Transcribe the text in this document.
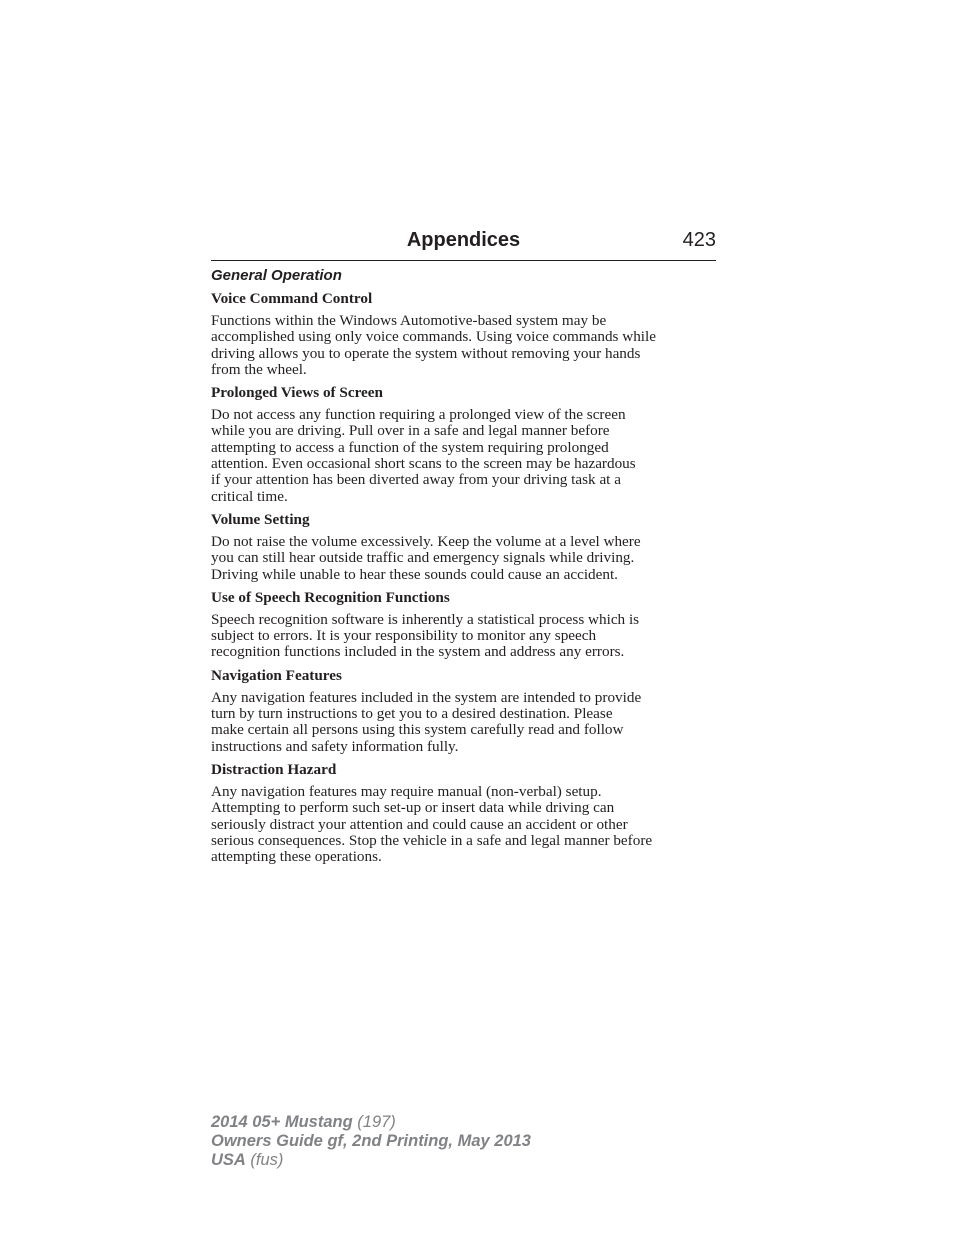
Appendices	423
General Operation
Voice Command Control
Functions within the Windows Automotive-based system may be
accomplished using only voice commands. Using voice commands while
driving allows you to operate the system without removing your hands
from the wheel.
Prolonged Views of Screen
Do not access any function requiring a prolonged view of the screen
while you are driving. Pull over in a safe and legal manner before
attempting to access a function of the system requiring prolonged
attention. Even occasional short scans to the screen may be hazardous
if your attention has been diverted away from your driving task at a
critical time.
Volume Setting
Do not raise the volume excessively. Keep the volume at a level where
you can still hear outside traffic and emergency signals while driving.
Driving while unable to hear these sounds could cause an accident.
Use of Speech Recognition Functions
Speech recognition software is inherently a statistical process which is
subject to errors. It is your responsibility to monitor any speech
recognition functions included in the system and address any errors.
Navigation Features
Any navigation features included in the system are intended to provide
turn by turn instructions to get you to a desired destination. Please
make certain all persons using this system carefully read and follow
instructions and safety information fully.
Distraction Hazard
Any navigation features may require manual (non-verbal) setup.
Attempting to perform such set-up or insert data while driving can
seriously distract your attention and could cause an accident or other
serious consequences. Stop the vehicle in a safe and legal manner before
attempting these operations.
2014 05+ Mustang (197)
Owners Guide gf, 2nd Printing, May 2013
USA (fus)
